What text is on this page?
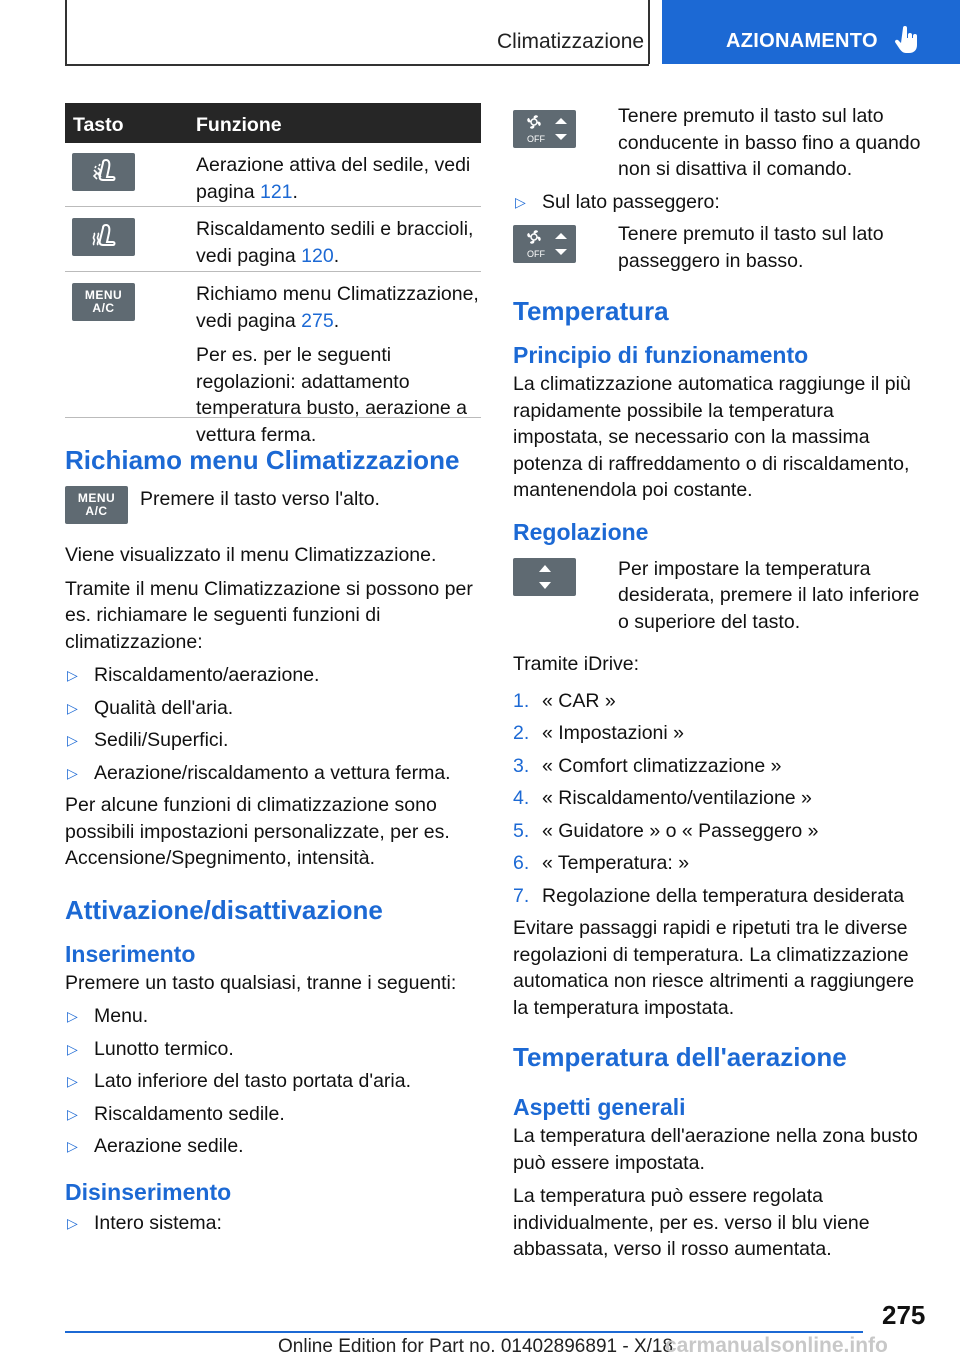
Climatizzazione	AZIONAMENTO
Tasto	Funzione
Aerazione attiva del sedile, vedi pagina 121.
Riscaldamento sedili e braccioli, vedi pagina 120.
MENU
A/C

Richiamo menu Climatizzazione, vedi pagina 275.

Per es. per le seguenti regolazioni: adattamento temperatura busto, aerazione a vettura ferma.

Richiamo menu Climatizzazione
MENU
A/C
Premere il tasto verso l'alto.

Viene visualizzato il menu Climatizzazione.

Tramite il menu Climatizzazione si possono per es. richiamare le seguenti funzioni di climatizzazione:

▷ Riscaldamento/aerazione.
▷ Qualità dell'aria.
▷ Sedili/Superfici.
▷ Aerazione/riscaldamento a vettura ferma.

Per alcune funzioni di climatizzazione sono possibili impostazioni personalizzate, per es. Accensione/Spegnimento, intensità.

Attivazione/disattivazione
Inserimento

Premere un tasto qualsiasi, tranne i seguenti:

▷ Menu.
▷ Lunotto termico.
▷ Lato inferiore del tasto portata d'aria.
▷ Riscaldamento sedile.
▷ Aerazione sedile.
Disinserimento
▷ Intero sistema:
OFF
Tenere premuto il tasto sul lato conducente in basso fino a quando non si disattiva il comando.
▷ Sul lato passeggero:
OFF
Tenere premuto il tasto sul lato passeggero in basso.
Temperatura
Principio di funzionamento

La climatizzazione automatica raggiunge il più rapidamente possibile la temperatura impostata, se necessario con la massima potenza di raffreddamento o di riscaldamento, mantenendola poi costante.

Regolazione
Per impostare la temperatura desiderata, premere il lato inferiore o superiore del tasto.

Tramite iDrive:

1. « CAR »
2. « Impostazioni »
3. « Comfort climatizzazione »
4. « Riscaldamento/ventilazione »
5. « Guidatore » o « Passeggero »
6. « Temperatura: »
7. Regolazione della temperatura desiderata

Evitare passaggi rapidi e ripetuti tra le diverse regolazioni di temperatura. La climatizzazione automatica non riesce altrimenti a raggiungere la temperatura impostata.

Temperatura dell'aerazione
Aspetti generali

La temperatura dell'aerazione nella zona busto può essere impostata.

La temperatura può essere regolata individualmente, per es. verso il blu viene abbassata, verso il rosso aumentata.

275
Online Edition for Part no. 01402896891 - X/18
carmanualsonline.info
